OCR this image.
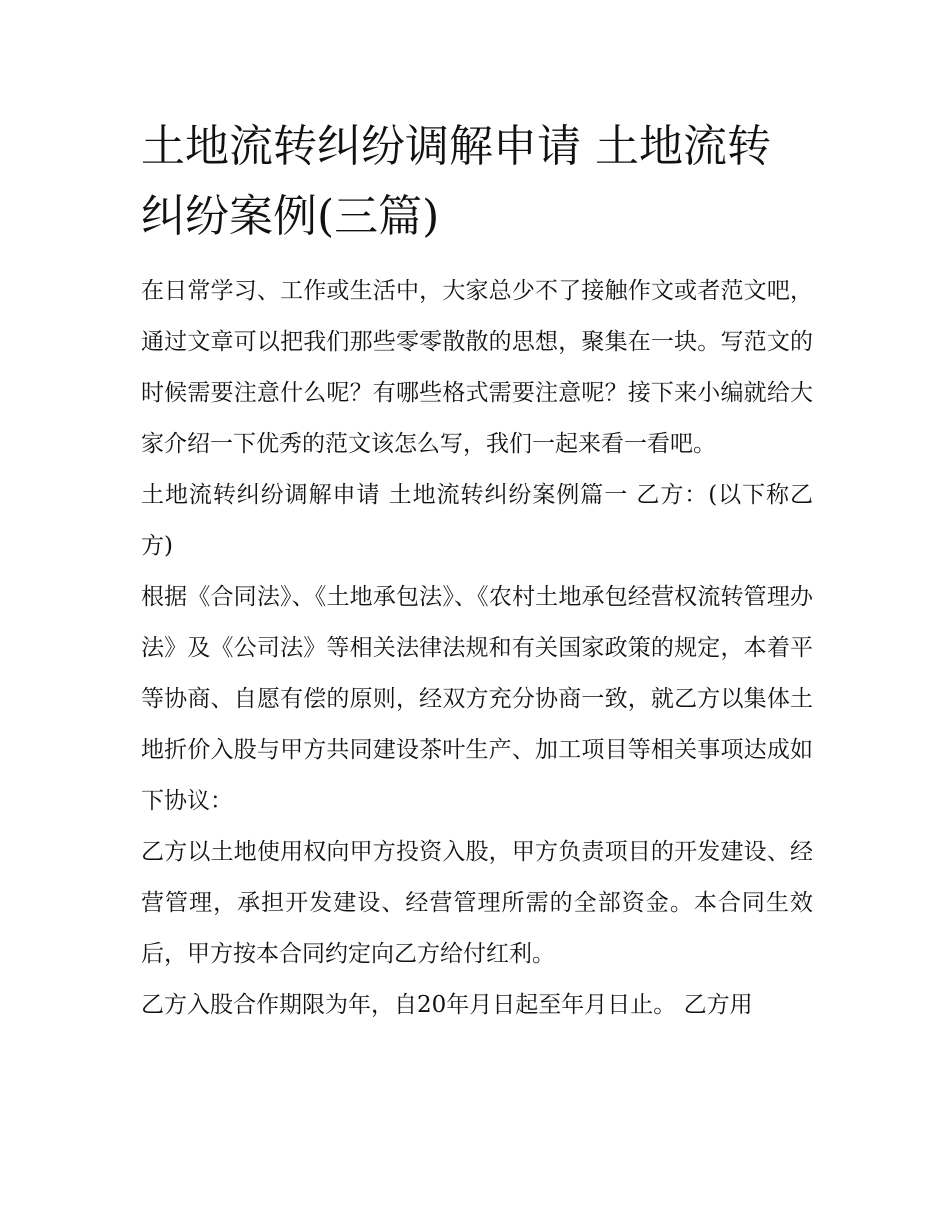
土地流转纠纷调解申请 土地流转纠纷案例(三篇)

在日常学习、工作或生活中，大家总少不了接触作文或者范文吧，通过文章可以把我们那些零零散散的思想，聚集在一块。写范文的时候需要注意什么呢？有哪些格式需要注意呢？接下来小编就给大家介绍一下优秀的范文该怎么写，我们一起来看一看吧。

土地流转纠纷调解申请 土地流转纠纷案例篇一 乙方：(以下称乙方)

根据《合同法》、《土地承包法》、《农村土地承包经营权流转管理办法》及《公司法》等相关法律法规和有关国家政策的规定，本着平等协商、自愿有偿的原则，经双方充分协商一致，就乙方以集体土地折价入股与甲方共同建设茶叶生产、加工项目等相关事项达成如下协议：

乙方以土地使用权向甲方投资入股，甲方负责项目的开发建设、经营管理，承担开发建设、经营管理所需的全部资金。本合同生效后，甲方按本合同约定向乙方给付红利。

乙方入股合作期限为年，自20年月日起至年月日止。 乙方用
